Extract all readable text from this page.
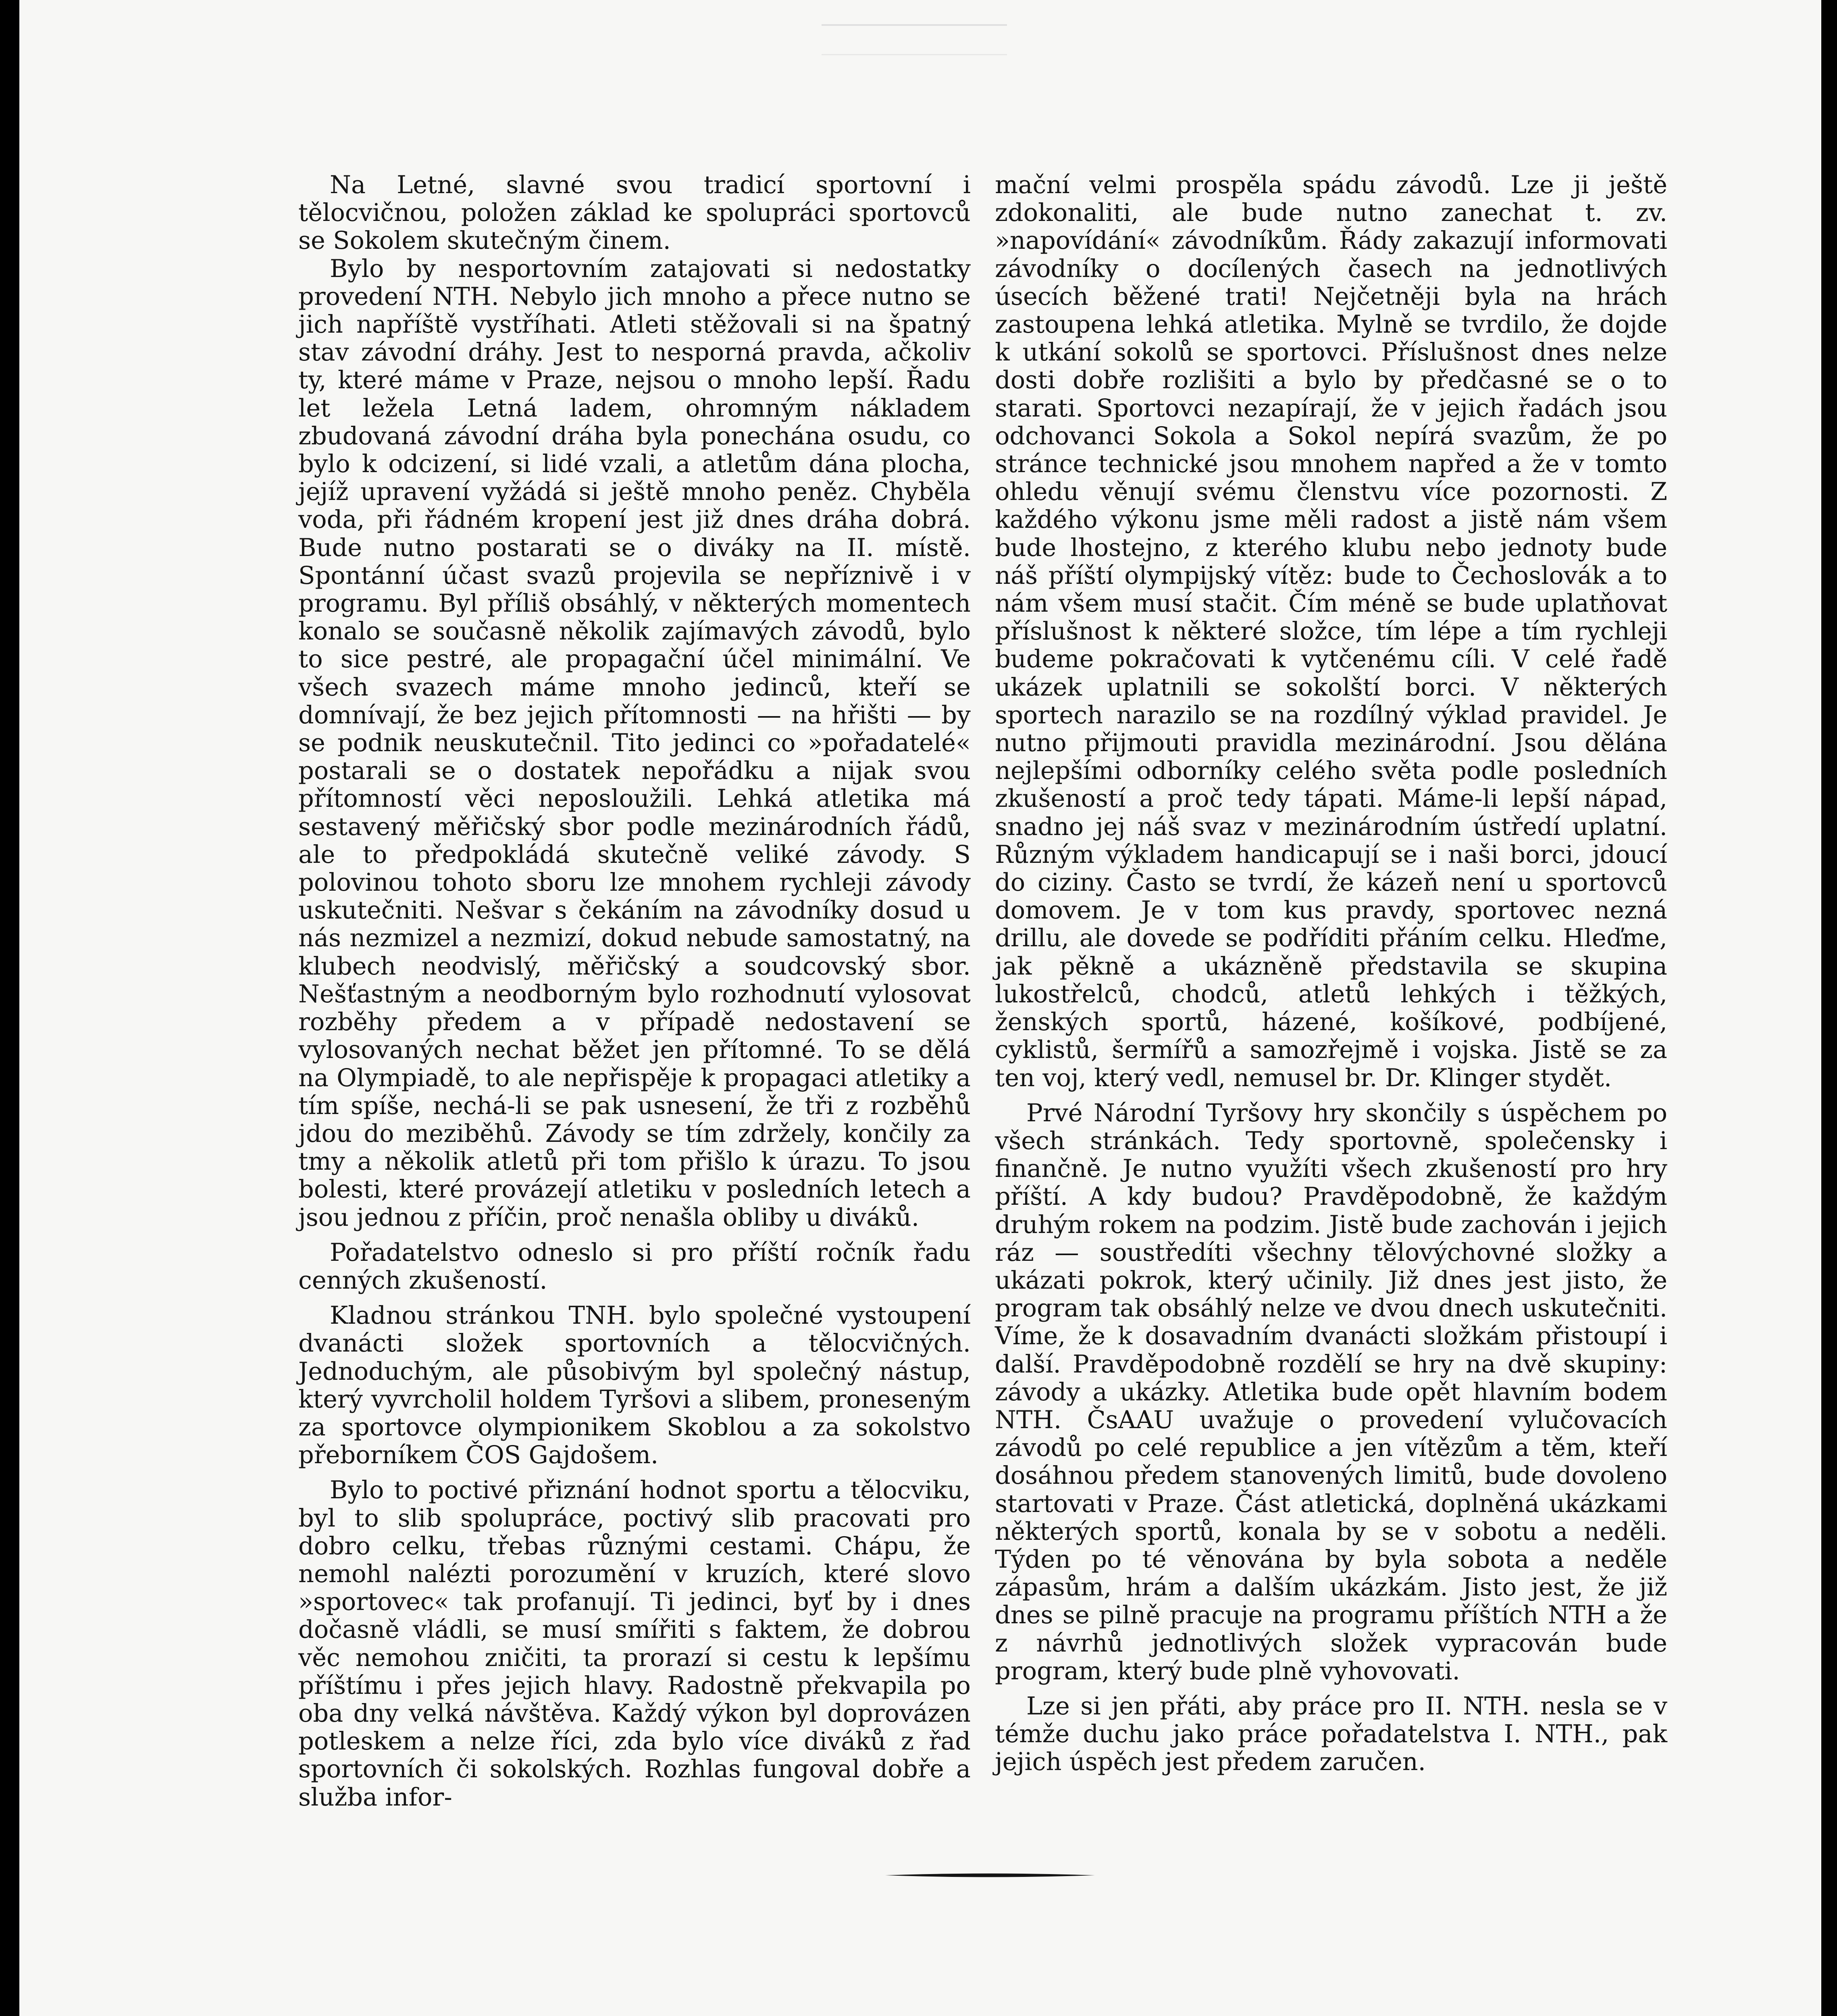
Na Letné, slavné svou tradicí sportovní i tělocvičnou, položen základ ke spolupráci sportovců se Sokolem skutečným činem.

Bylo by nesportovním zatajovati si nedostatky provedení NTH. Nebylo jich mnoho a přece nutno se jich napříště vystříhati. Atleti stěžovali si na špatný stav závodní dráhy. Jest to nesporná pravda, ačkoliv ty, které máme v Praze, nejsou o mnoho lepší. Řadu let ležela Letná ladem, ohromným nákladem zbudovaná závodní dráha byla ponechána osudu, co bylo k odcizení, si lidé vzali, a atletům dána plocha, jejíž upravení vyžádá si ještě mnoho peněz. Chyběla voda, při řádném kropení jest již dnes dráha dobrá. Bude nutno postarati se o diváky na II. místě. Spontánní účast svazů projevila se nepříznivě i v programu. Byl příliš obsáhlý, v některých momentech konalo se současně několik zajímavých závodů, bylo to sice pestré, ale propagační účel minimální. Ve všech svazech máme mnoho jedinců, kteří se domnívají, že bez jejich přítomnosti — na hřišti — by se podnik neuskutečnil. Tito jedinci co »pořadatelé« postarali se o dostatek nepořádku a nijak svou přítomností věci neposloužili. Lehká atletika má sestavený měřičský sbor podle mezinárodních řádů, ale to předpokládá skutečně veliké závody. S polovinou tohoto sboru lze mnohem rychleji závody uskutečniti. Nešvar s čekáním na závodníky dosud u nás nezmizel a nezmizí, dokud nebude samostatný, na klubech neodvislý, měřičský a soudcovský sbor. Nešťastným a neodborným bylo rozhodnutí vylosovat rozběhy předem a v případě nedostavení se vylosovaných nechat běžet jen přítomné. To se dělá na Olympiadě, to ale nepřispěje k propagaci atletiky a tím spíše, nechá-li se pak usnesení, že tři z rozběhů jdou do meziběhů. Závody se tím zdržely, končily za tmy a několik atletů při tom přišlo k úrazu. To jsou bolesti, které provázejí atletiku v posledních letech a jsou jednou z příčin, proč nenašla obliby u diváků.

Pořadatelstvo odneslo si pro příští ročník řadu cenných zkušeností.

Kladnou stránkou TNH. bylo společné vystoupení dvanácti složek sportovních a tělocvičných. Jednoduchým, ale působivým byl společný nástup, který vyvrcholil holdem Tyršovi a slibem, proneseným za sportovce olympionikem Skoblou a za sokolstvo přeborníkem ČOS Gajdošem.

Bylo to poctivé přiznání hodnot sportu a tělocviku, byl to slib spolupráce, poctivý slib pracovati pro dobro celku, třebas různými cestami. Chápu, že nemohl nalézti porozumění v kruzích, které slovo »sportovec« tak profanují. Ti jedinci, byť by i dnes dočasně vládli, se musí smířiti s faktem, že dobrou věc nemohou zničiti, ta prorazí si cestu k lepšímu příštímu i přes jejich hlavy. Radostně překvapila po oba dny velká návštěva. Každý výkon byl doprovázen potleskem a nelze říci, zda bylo více diváků z řad sportovních či sokolských. Rozhlas fungoval dobře a služba infor-

mační velmi prospěla spádu závodů. Lze ji ještě zdokonaliti, ale bude nutno zanechat t. zv. »napovídání« závodníkům. Řády zakazují informovati závodníky o docílených časech na jednotlivých úsecích běžené trati! Nejčetněji byla na hrách zastoupena lehká atletika. Mylně se tvrdilo, že dojde k utkání sokolů se sportovci. Příslušnost dnes nelze dosti dobře rozlišiti a bylo by předčasné se o to starati. Sportovci nezapírají, že v jejich řadách jsou odchovanci Sokola a Sokol nepírá svazům, že po stránce technické jsou mnohem napřed a že v tomto ohledu věnují svému členstvu více pozornosti. Z každého výkonu jsme měli radost a jistě nám všem bude lhostejno, z kterého klubu nebo jednoty bude náš příští olympijský vítěz: bude to Čechoslovák a to nám všem musí stačit. Čím méně se bude uplatňovat příslušnost k některé složce, tím lépe a tím rychleji budeme pokračovati k vytčenému cíli. V celé řadě ukázek uplatnili se sokolští borci. V některých sportech narazilo se na rozdílný výklad pravidel. Je nutno přijmouti pravidla mezinárodní. Jsou dělána nejlepšími odborníky celého světa podle posledních zkušeností a proč tedy tápati. Máme-li lepší nápad, snadno jej náš svaz v mezinárodním ústředí uplatní. Různým výkladem handicapují se i naši borci, jdoucí do ciziny. Často se tvrdí, že kázeň není u sportovců domovem. Je v tom kus pravdy, sportovec nezná drillu, ale dovede se podříditi přáním celku. Hleďme, jak pěkně a ukázněně představila se skupina lukostřelců, chodců, atletů lehkých i těžkých, ženských sportů, házené, košíkové, podbíjené, cyklistů, šermířů a samozřejmě i vojska. Jistě se za ten voj, který vedl, nemusel br. Dr. Klinger stydět.

Prvé Národní Tyršovy hry skončily s úspěchem po všech stránkách. Tedy sportovně, společensky i finančně. Je nutno využíti všech zkušeností pro hry příští. A kdy budou? Pravděpodobně, že každým druhým rokem na podzim. Jistě bude zachován i jejich ráz — soustředíti všechny tělovýchovné složky a ukázati pokrok, který učinily. Již dnes jest jisto, že program tak obsáhlý nelze ve dvou dnech uskutečniti. Víme, že k dosavadním dvanácti složkám přistoupí i další. Pravděpodobně rozdělí se hry na dvě skupiny: závody a ukázky. Atletika bude opět hlavním bodem NTH. ČsAAU uvažuje o provedení vylučovacích závodů po celé republice a jen vítězům a těm, kteří dosáhnou předem stanovených limitů, bude dovoleno startovati v Praze. Část atletická, doplněná ukázkami některých sportů, konala by se v sobotu a neděli. Týden po té věnována by byla sobota a neděle zápasům, hrám a dalším ukázkám. Jisto jest, že již dnes se pilně pracuje na programu příštích NTH a že z návrhů jednotlivých složek vypracován bude program, který bude plně vyhovovati.

Lze si jen přáti, aby práce pro II. NTH. nesla se v témže duchu jako práce pořadatelstva I. NTH., pak jejich úspěch jest předem zaručen.
